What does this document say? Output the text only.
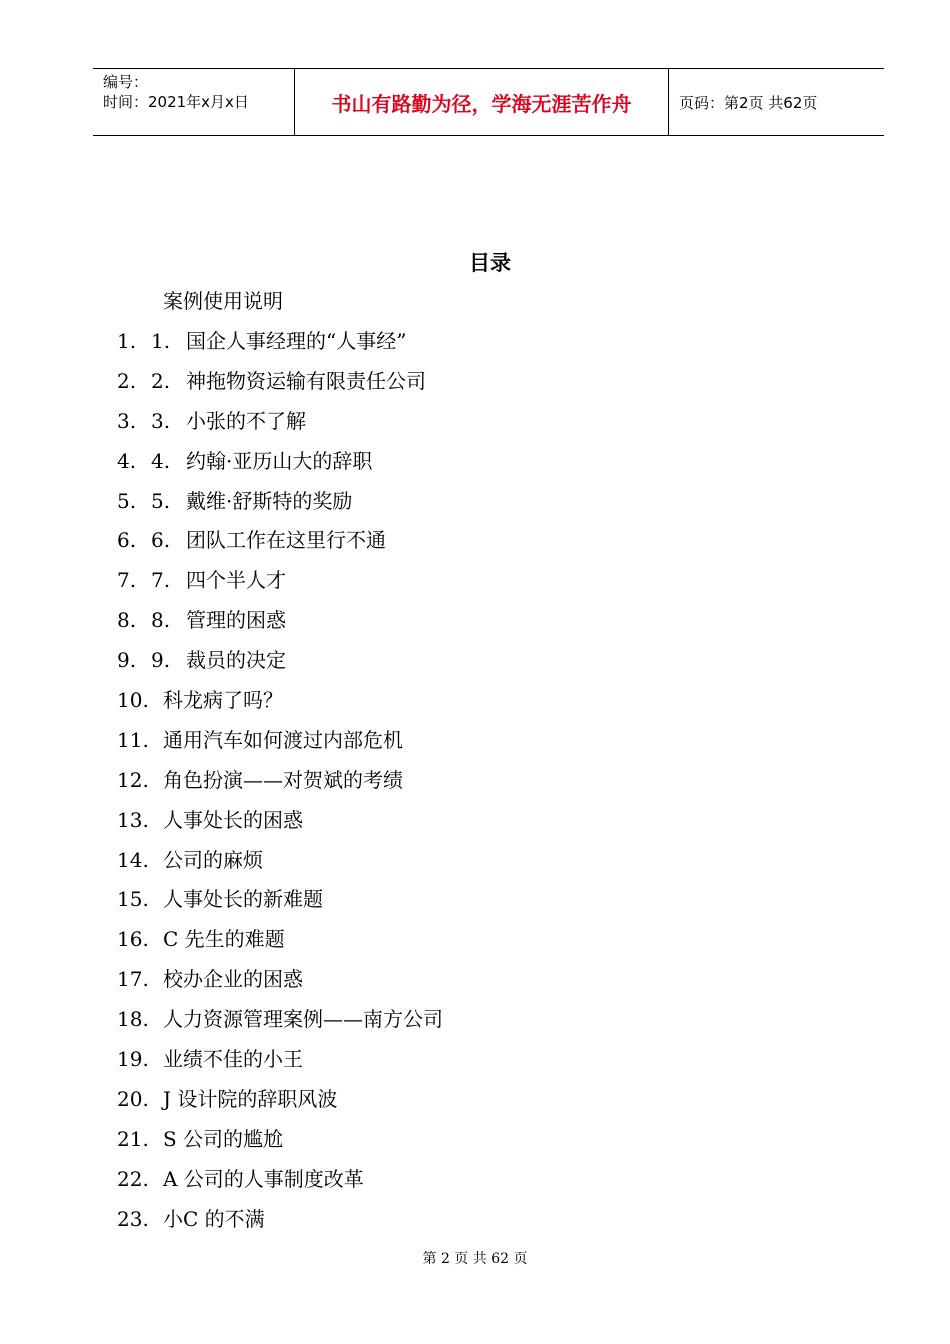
编号：
时间：2021年x月x日	书山有路勤为径，学海无涯苦作舟	页码：第2页 共62页
目录
案例使用说明
1. 1. 国企人事经理的“人事经”
2. 2. 神拖物资运输有限责任公司
3. 3. 小张的不了解
4. 4. 约翰·亚历山大的辞职
5. 5. 戴维·舒斯特的奖励
6. 6. 团队工作在这里行不通
7. 7. 四个半人才
8. 8. 管理的困惑
9. 9. 裁员的决定
10. 科龙病了吗？
11. 通用汽车如何渡过内部危机
12. 角色扮演——对贺斌的考绩
13. 人事处长的困惑
14. 公司的麻烦
15. 人事处长的新难题
16. C 先生的难题
17. 校办企业的困惑
18. 人力资源管理案例——南方公司
19. 业绩不佳的小王
20. J 设计院的辞职风波
21. S 公司的尴尬
22. A 公司的人事制度改革
23. 小C 的不满
第 2 页 共 62 页
